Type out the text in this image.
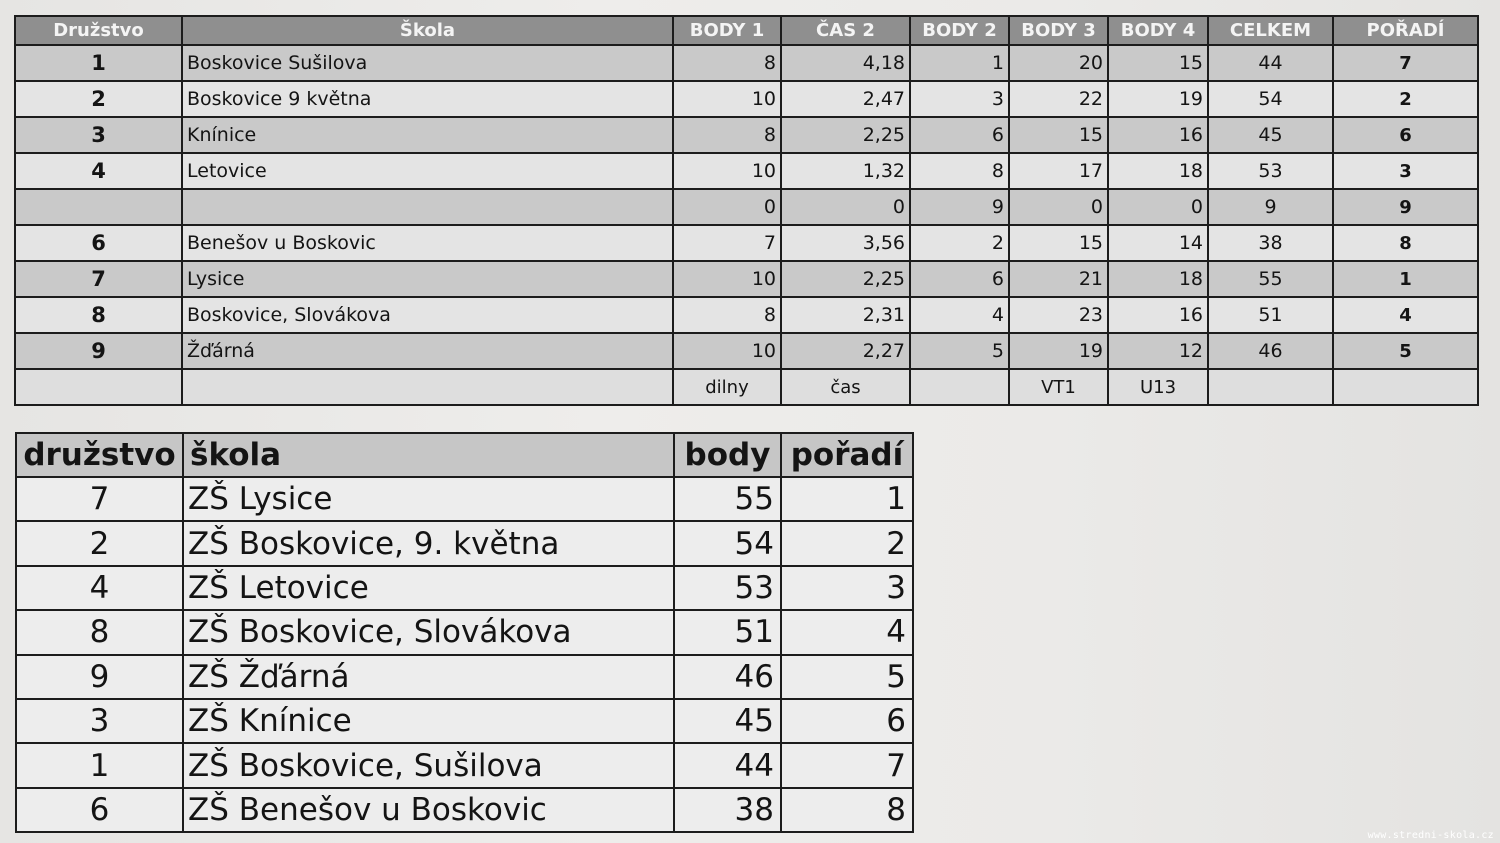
Družstvo	Škola	BODY 1	ČAS 2	BODY 2	BODY 3	BODY 4	CELKEM	POŘADÍ
1	Boskovice Sušilova	8	4,18	1	20	15	44	7
2	Boskovice 9 května	10	2,47	3	22	19	54	2
3	Knínice	8	2,25	6	15	16	45	6
4	Letovice	10	1,32	8	17	18	53	3
		0	0	9	0	0	9	9
6	Benešov u Boskovic	7	3,56	2	15	14	38	8
7	Lysice	10	2,25	6	21	18	55	1
8	Boskovice, Slovákova	8	2,31	4	23	16	51	4
9	Žďárná	10	2,27	5	19	12	46	5
		dilny	čas		VT1	U13		
družstvo	škola	body	pořadí
7	ZŠ Lysice	55	1
2	ZŠ Boskovice, 9. května	54	2
4	ZŠ Letovice	53	3
8	ZŠ Boskovice, Slovákova	51	4
9	ZŠ Žďárná	46	5
3	ZŠ Knínice	45	6
1	ZŠ Boskovice, Sušilova	44	7
6	ZŠ Benešov u Boskovic	38	8
www.stredni-skola.cz
